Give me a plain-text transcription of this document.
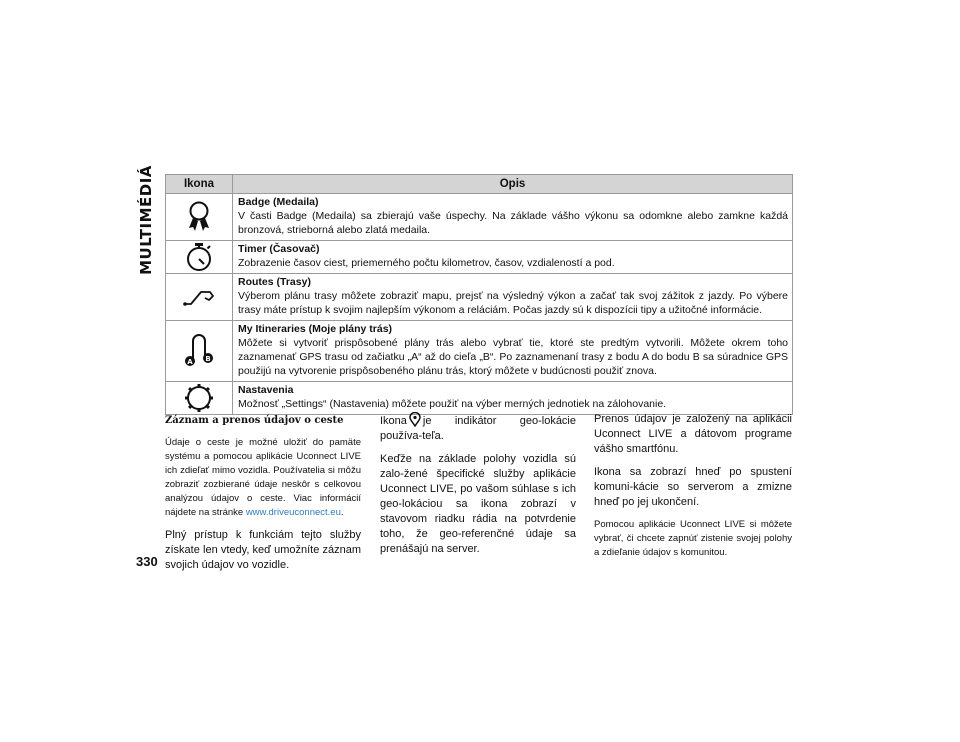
MULTIMÉDIÁ	Ikona	Opis

Badge (Medaila)
V časti Badge (Medaila) sa zbierajú vaše úspechy. Na základe vášho výkonu sa odomkne alebo zamkne každá bronzová, strieborná alebo zlatá medaila.

Timer (Časovač)
Zobrazenie časov ciest, priemerného počtu kilometrov, časov, vzdialeností a pod.

Routes (Trasy)
Výberom plánu trasy môžete zobraziť mapu, prejsť na výsledný výkon a začať tak svoj zážitok z jazdy. Po výbere trasy máte prístup k svojim najlepším výkonom a reláciám. Počas jazdy sú k dispozícii tipy a užitočné informácie.

A B	My Itineraries (Moje plány trás)
Môžete si vytvoriť prispôsobené plány trás alebo vybrať tie, ktoré ste predtým vytvorili. Môžete okrem toho zaznamenať GPS trasu od začiatku „A“ až do cieľa „B“. Po zaznamenaní trasy z bodu A do bodu B sa súradnice GPS použijú na vytvorenie prispôsobeného plánu trás, ktorý môžete v budúcnosti použiť znova.

Nastavenia
Možnosť „Settings“ (Nastavenia) môžete použiť na výber merných jednotiek na zálohovanie.
Záznam a prenos údajov o ceste

Údaje o ceste je možné uložiť do pamäte systému a pomocou aplikácie Uconnect LIVE ich zdieľať mimo vozidla. Používatelia si môžu zobraziť zozbierané údaje neskôr s celkovou analýzou údajov o ceste. Viac informácií nájdete na stránke www.driveuconnect.eu.

Plný prístup k funkciám tejto služby získate len vtedy, keď umožníte záznam svojich údajov vo vozidle.

Ikona je indikátor geo-lokácie používa-teľa.

Keďže na základe polohy vozidla sú zalo-žené špecifické služby aplikácie Uconnect LIVE, po vašom súhlase s ich geo-lokáciou sa ikona zobrazí v stavovom riadku rádia na potvrdenie toho, že geo-referenčné údaje sa prenášajú na server.

Prenos údajov je založený na aplikácii Uconnect LIVE a dátovom programe vášho smartfónu.

Ikona sa zobrazí hneď po spustení komuni-kácie so serverom a zmizne hneď po jej ukončení.

Pomocou aplikácie Uconnect LIVE si môžete vybrať, či chcete zapnúť zistenie svojej polohy a zdieľanie údajov s komunitou.

330
